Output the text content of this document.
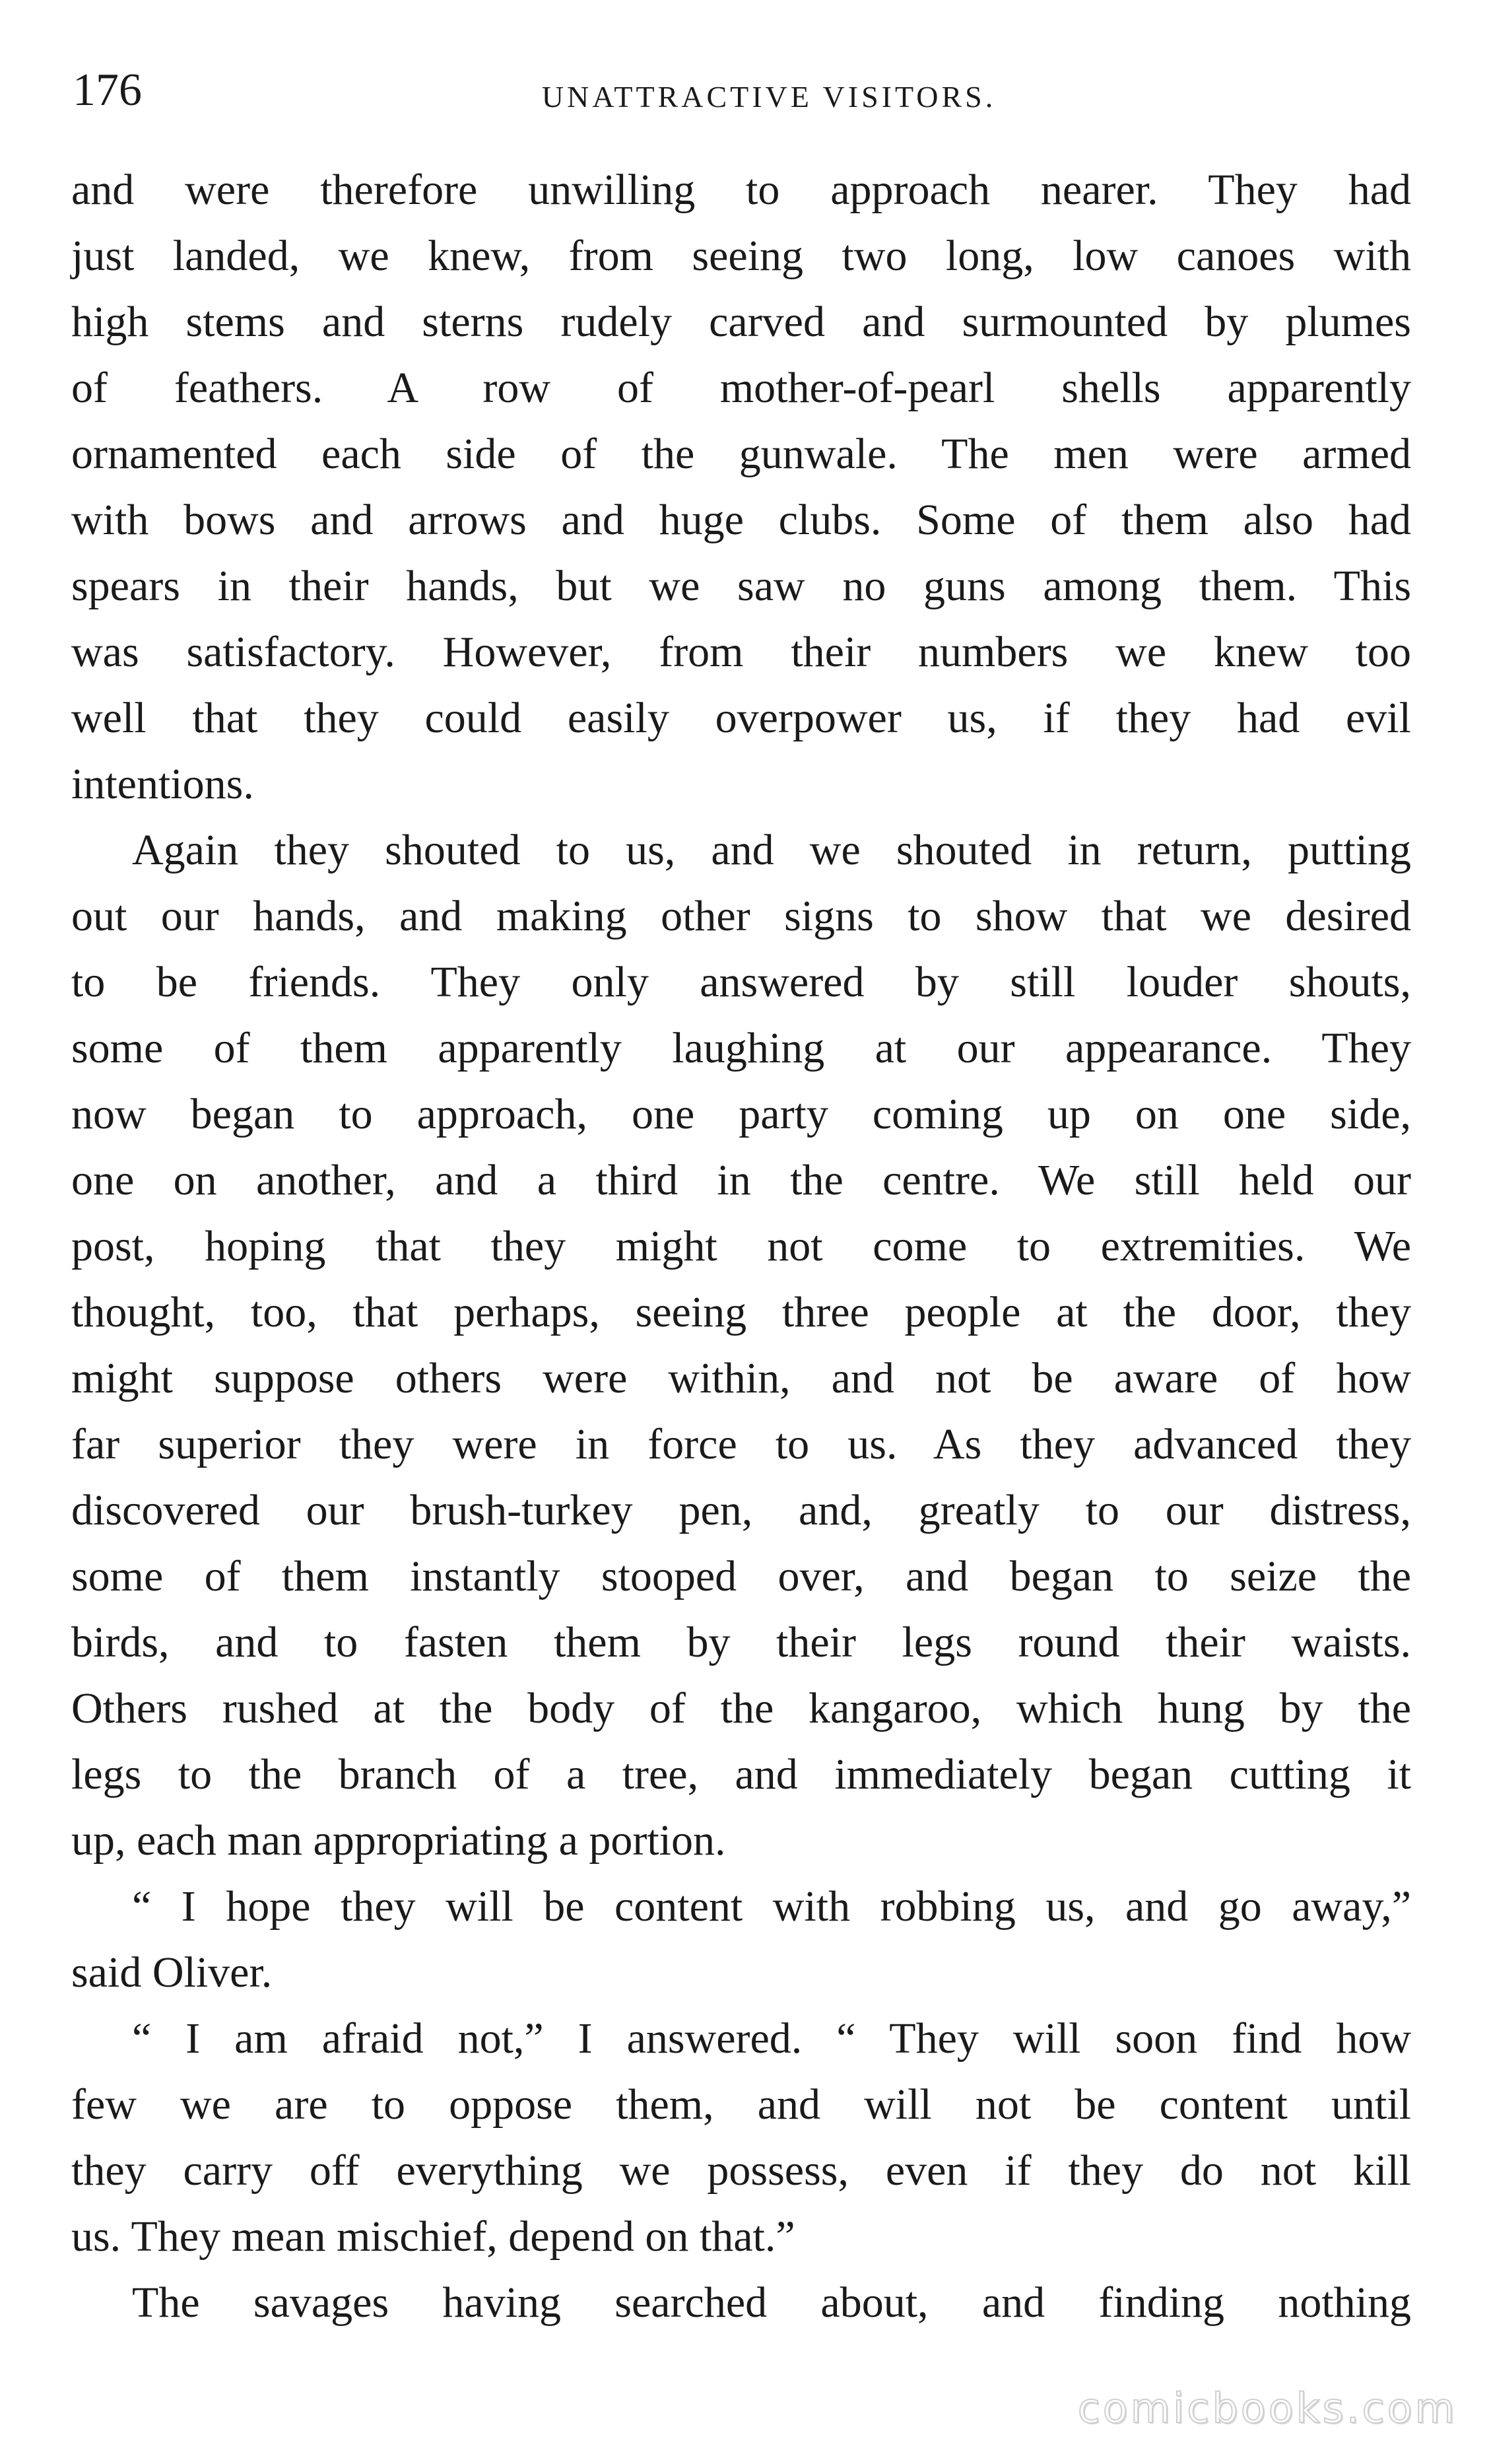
176	UNATTRACTIVE VISITORS.
and were therefore unwilling to approach nearer. They had
just landed, we knew, from seeing two long, low canoes with
high stems and sterns rudely carved and surmounted by plumes
of feathers. A row of mother-of-pearl shells apparently
ornamented each side of the gunwale. The men were armed
with bows and arrows and huge clubs. Some of them also had
spears in their hands, but we saw no guns among them. This
was satisfactory. However, from their numbers we knew too
well that they could easily overpower us, if they had evil
intentions.
Again they shouted to us, and we shouted in return, putting
out our hands, and making other signs to show that we desired
to be friends. They only answered by still louder shouts,
some of them apparently laughing at our appearance. They
now began to approach, one party coming up on one side,
one on another, and a third in the centre. We still held our
post, hoping that they might not come to extremities. We
thought, too, that perhaps, seeing three people at the door, they
might suppose others were within, and not be aware of how
far superior they were in force to us. As they advanced they
discovered our brush-turkey pen, and, greatly to our distress,
some of them instantly stooped over, and began to seize the
birds, and to fasten them by their legs round their waists.
Others rushed at the body of the kangaroo, which hung by the
legs to the branch of a tree, and immediately began cutting it
up, each man appropriating a portion.
“ I hope they will be content with robbing us, and go away,”
said Oliver.
“ I am afraid not,” I answered. “ They will soon find how
few we are to oppose them, and will not be content until
they carry off everything we possess, even if they do not kill
us. They mean mischief, depend on that.”
The savages having searched about, and finding nothing
comicbooks.com
